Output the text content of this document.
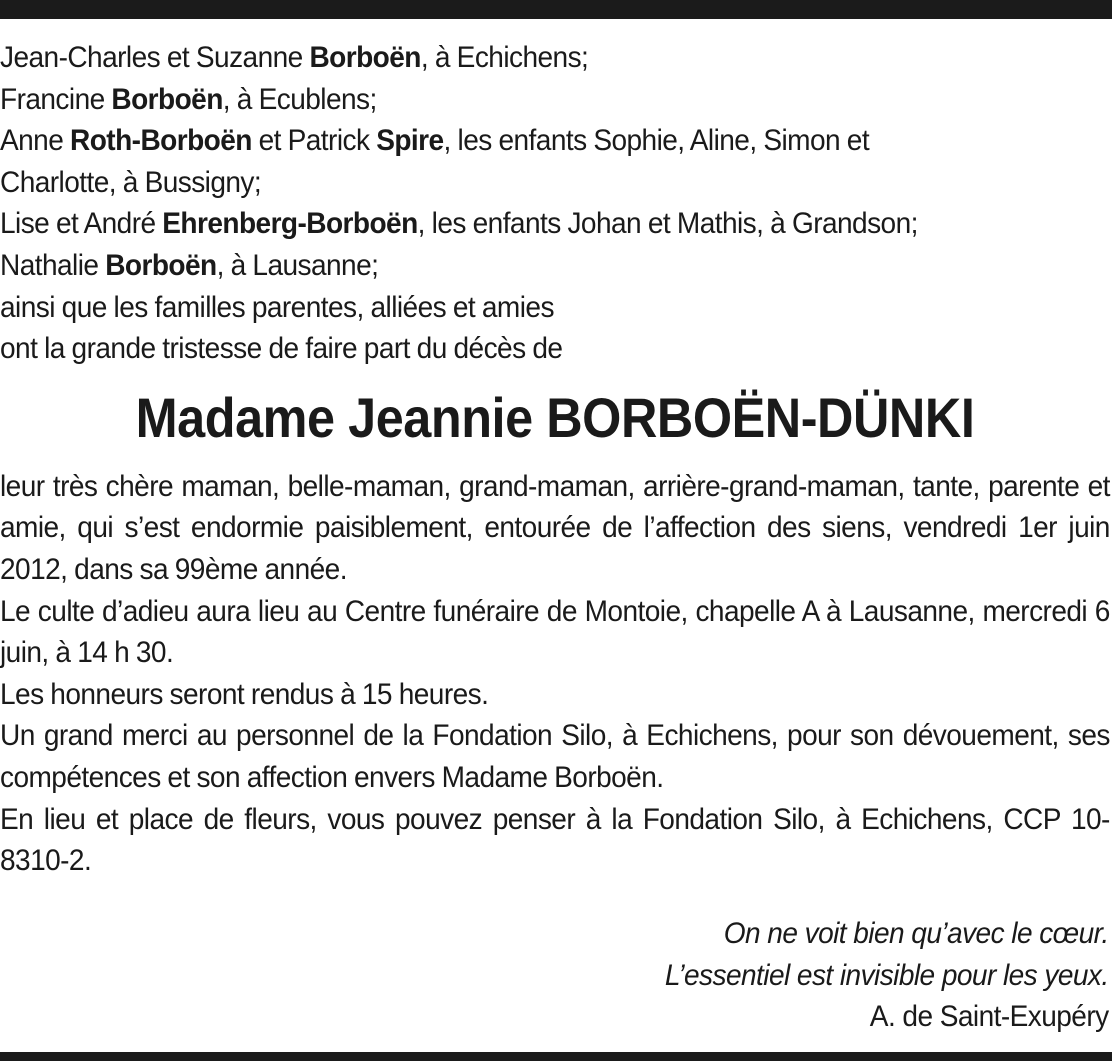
Jean-Charles et Suzanne Borboën, à Echichens;
Francine Borboën, à Ecublens;
Anne Roth-Borboën et Patrick Spire, les enfants Sophie, Aline, Simon et
Charlotte, à Bussigny;
Lise et André Ehrenberg-Borboën, les enfants Johan et Mathis, à Grandson;
Nathalie Borboën, à Lausanne;
ainsi que les familles parentes, alliées et amies
ont la grande tristesse de faire part du décès de
Madame Jeannie BORBOËN-DÜNKI

leur très chère maman, belle-maman, grand-maman, arrière-grand-maman, tante, parente et amie, qui s’est endormie paisiblement, entourée de l’affection des siens, vendredi 1er juin 2012, dans sa 99ème année.

Le culte d’adieu aura lieu au Centre funéraire de Montoie, chapelle A à Lausanne, mercredi 6 juin, à 14 h 30.

Les honneurs seront rendus à 15 heures.

Un grand merci au personnel de la Fondation Silo, à Echichens, pour son dévouement, ses compétences et son affection envers Madame Borboën.

En lieu et place de fleurs, vous pouvez penser à la Fondation Silo, à Echichens, CCP 10-8310-2.

On ne voit bien qu’avec le cœur.
L’essentiel est invisible pour les yeux.
A. de Saint-Exupéry
